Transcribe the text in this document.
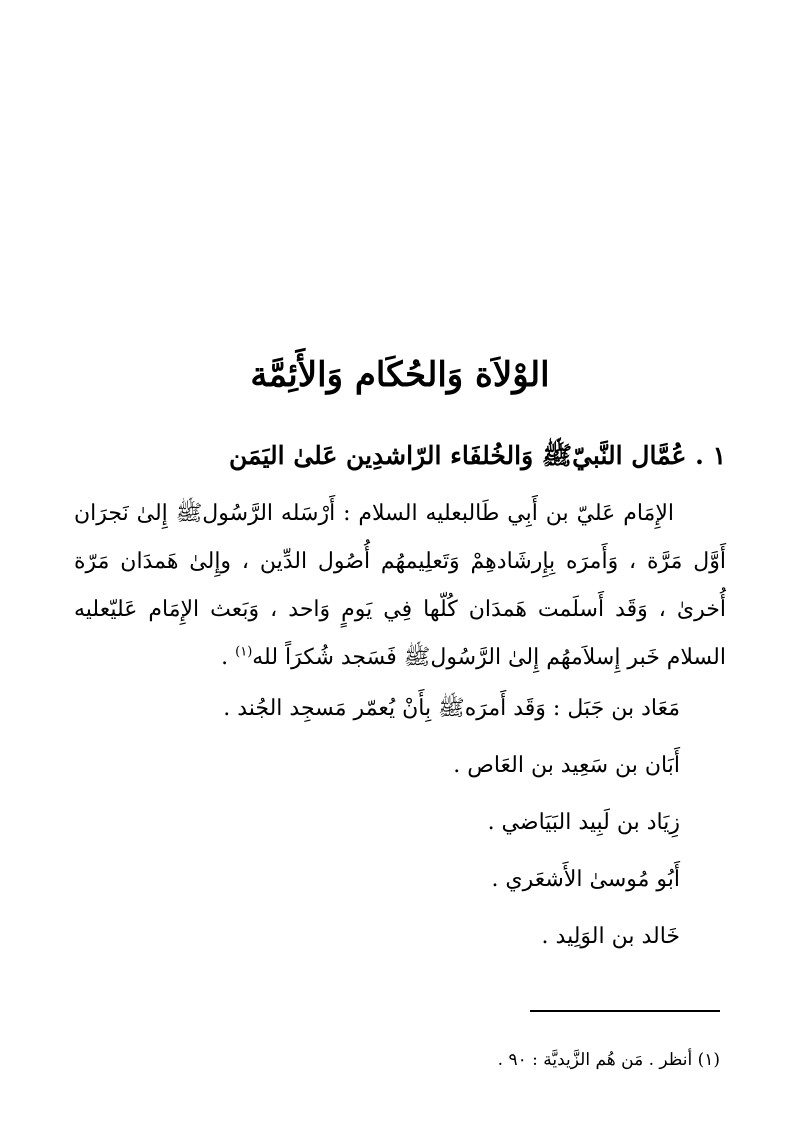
الوْلاَة وَالحُكَام وَالأَئِمَّة
١ . عُمَّال النَّبيّﷺ وَالخُلفَاء الرّاشدِين عَلىٰ اليَمَن

الإِمَام عَليّ بن أَبِي طَالبعليه السلام : أَرْسَله الرَّسُولﷺ إِلىٰ نَجرَان أَوَّل مَرَّة ، وَأَمرَه بِإِرشَادهِمْ وَتَعلِيمهُم أُصُول الدِّين ، وإِلىٰ هَمدَان مَرّة أُخرىٰ ، وَقَد أَسلَمت هَمدَان كُلّها فِي يَومٍ وَاحد ، وَبَعث الإِمَام عَليّعليه السلام خَبر إِسلاَمهُم إِلىٰ الرَّسُولﷺ فَسَجد شُكرَاً لله$^{(١)}$ .

مَعَاد بن جَبَل : وَقَد أَمرَهﷺ بِأَنْ يُعمّر مَسجِد الجُند .
أَبَان بن سَعِيد بن العَاص .
زِيَاد بن لَبِيد البَيَاضي .
أَبُو مُوسىٰ الأَشعَري .
خَالد بن الوَلِيد .

(١) أنظر . مَن هُم الزَّيديَّة : ٩٠ .
